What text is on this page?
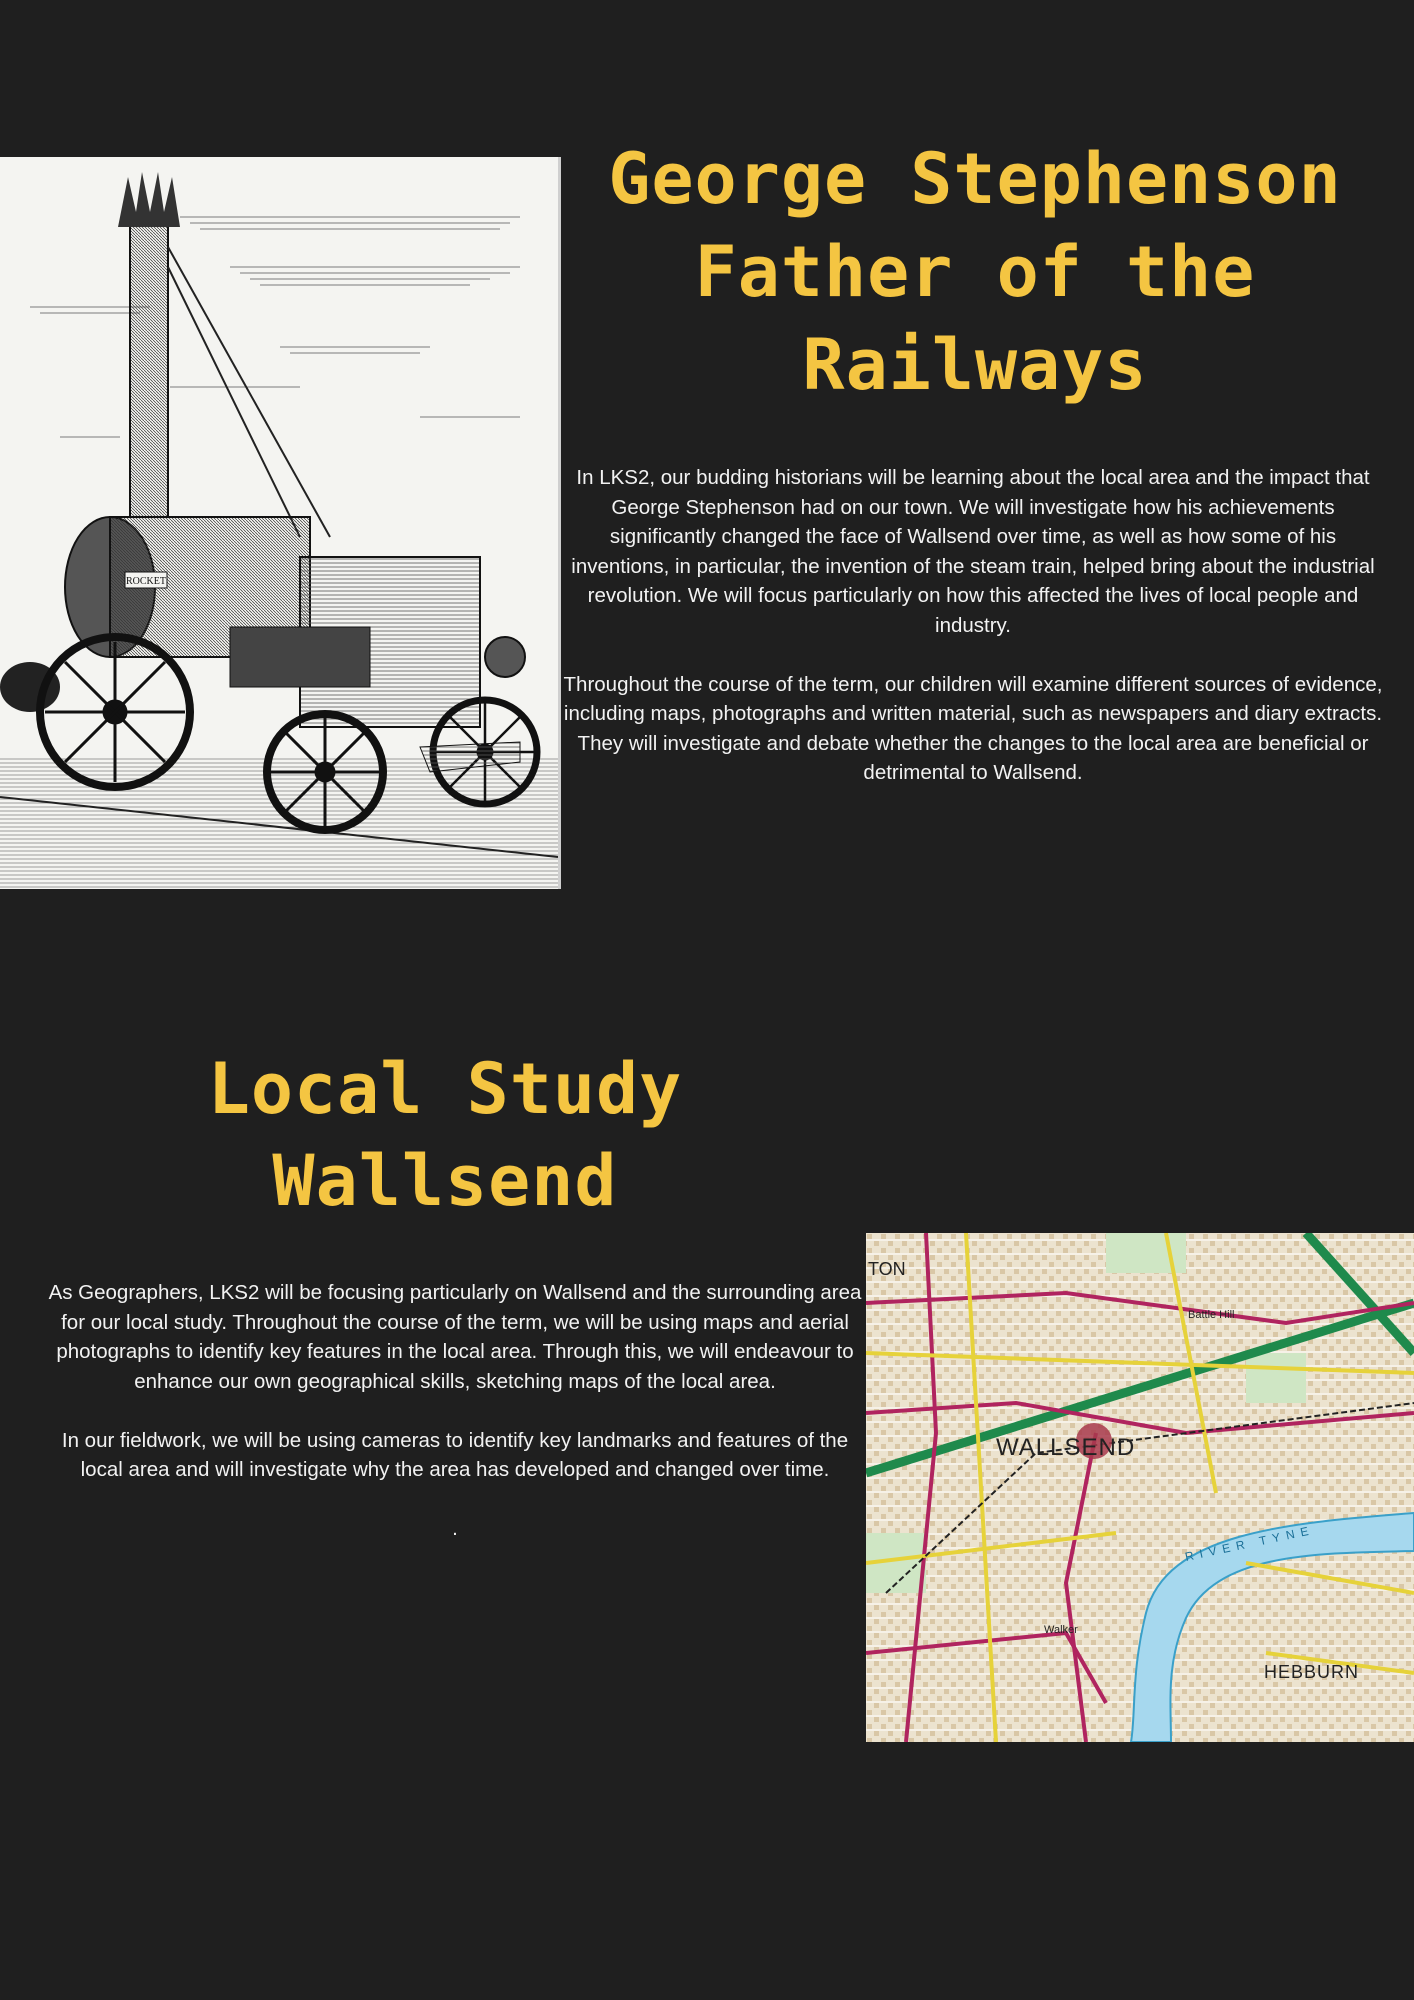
ROCKET
George Stephenson
Father of the
Railways

In LKS2, our budding historians will be learning about the local area and the impact that George Stephenson had on our town. We will investigate how his achievements significantly changed the face of Wallsend over time, as well as how some of his inventions, in particular, the invention of the steam train, helped bring about the industrial revolution. We will focus particularly on how this affected the lives of local people and industry.

Throughout the course of the term, our children will examine different sources of evidence, including maps, photographs and written material, such as newspapers and diary extracts. They will investigate and debate whether the changes to the local area are beneficial or detrimental to Wallsend.

Local Study
Wallsend

As Geographers, LKS2 will be focusing particularly on Wallsend and the surrounding area for our local study. Throughout the course of the term, we will be using maps and aerial photographs to identify key features in the local area. Through this, we will endeavour to enhance our own geographical skills, sketching maps of the local area.

In our fieldwork, we will be using cameras to identify key landmarks and features of the local area and will investigate why the area has developed and changed over time.

.

WALLSEND
TON
HEBBURN
Battle Hill
Walker
RIVER TYNE
